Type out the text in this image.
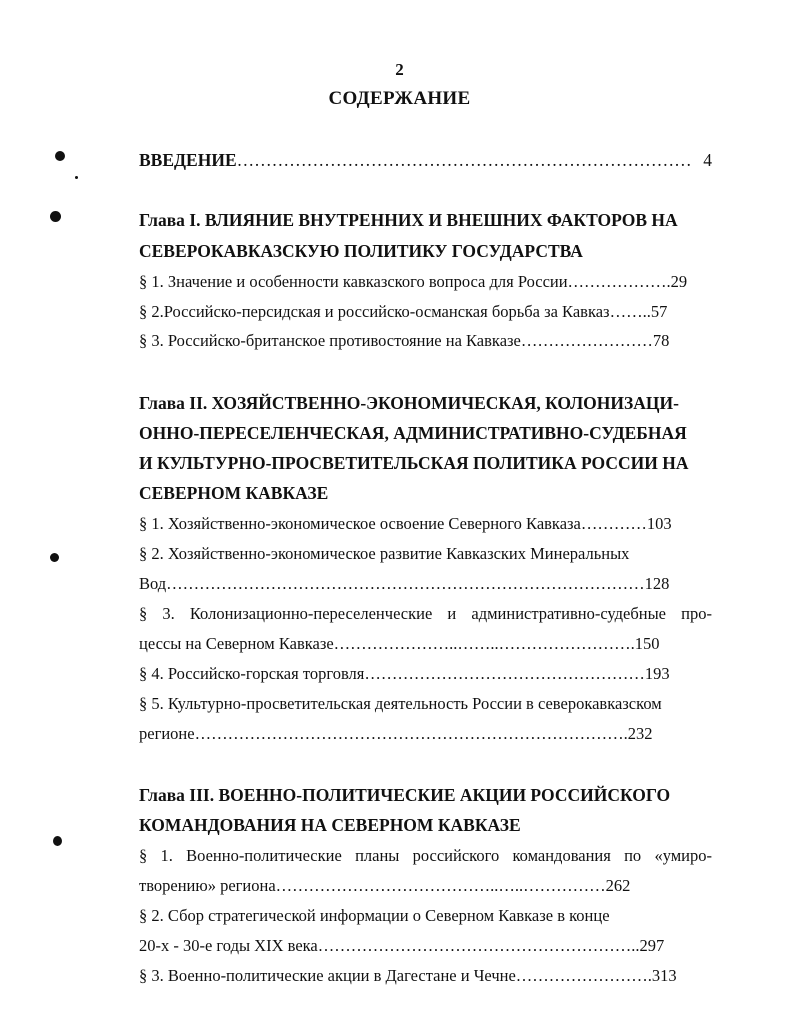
2
СОДЕРЖАНИЕ
ВВЕДЕНИЕ …………………………………………………………………… 4
Глава I. ВЛИЯНИЕ ВНУТРЕННИХ И ВНЕШНИХ ФАКТОРОВ НА
СЕВЕРОКАВКАЗСКУЮ ПОЛИТИКУ ГОСУДАРСТВА
§ 1. Значение и особенности кавказского вопроса для России……………….29
§ 2.Российско-персидская и российско-османская борьба за Кавказ……..57
§ 3. Российско-британское противостояние на Кавказе……………………78
Глава II. ХОЗЯЙСТВЕННО-ЭКОНОМИЧЕСКАЯ, КОЛОНИЗАЦИ-
ОННО-ПЕРЕСЕЛЕНЧЕСКАЯ, АДМИНИСТРАТИВНО-СУДЕБНАЯ
И КУЛЬТУРНО-ПРОСВЕТИТЕЛЬСКАЯ ПОЛИТИКА РОССИИ НА
СЕВЕРНОМ КАВКАЗЕ
§ 1. Хозяйственно-экономическое освоение Северного Кавказа…………103
§ 2. Хозяйственно-экономическое развитие Кавказских Минеральных
Вод……………………………………………………………………………128
§ 3. Колонизационно-переселенческие и административно-судебные про-
цессы на Северном Кавказе…………………..……..…………………….150
§ 4. Российско-горская торговля……………………………………………193
§ 5. Культурно-просветительская деятельность России в северокавказском
регионе…………………………………………………………………….232
Глава III. ВОЕННО-ПОЛИТИЧЕСКИЕ АКЦИИ РОССИЙСКОГО
КОМАНДОВАНИЯ НА СЕВЕРНОМ КАВКАЗЕ
§ 1. Военно-политические планы российского командования по «умиро-
творению» региона…………………………………..…..……………262
§ 2. Сбор стратегической информации о Северном Кавказе в конце
20-х - 30-е годы XIX века…………………………………………………..297
§ 3. Военно-политические акции в Дагестане и Чечне…………………….313
